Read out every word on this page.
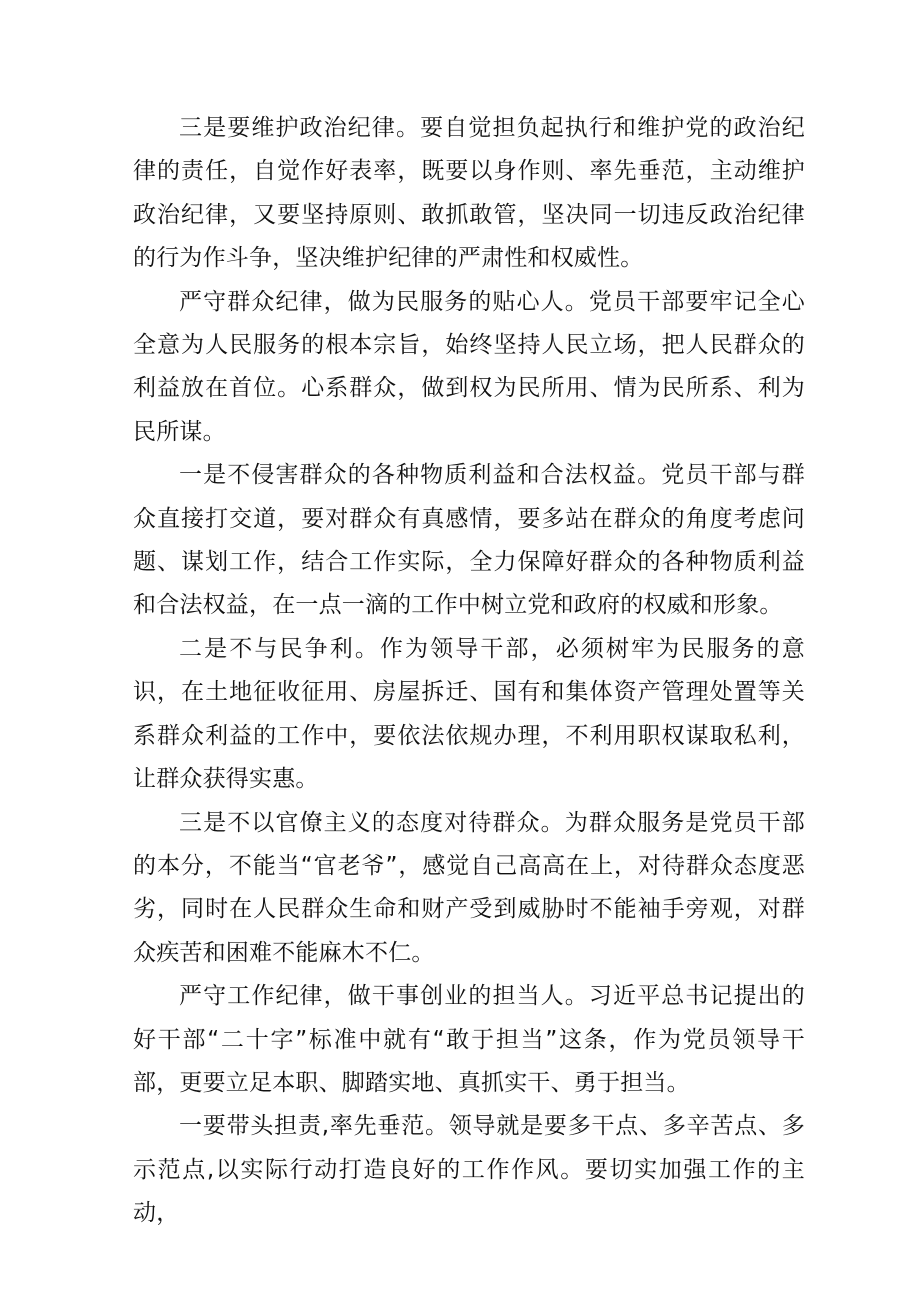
三是要维护政治纪律。要自觉担负起执行和维护党的政治纪律的责任，自觉作好表率，既要以身作则、率先垂范，主动维护政治纪律，又要坚持原则、敢抓敢管，坚决同一切违反政治纪律的行为作斗争，坚决维护纪律的严肃性和权威性。

严守群众纪律，做为民服务的贴心人。党员干部要牢记全心全意为人民服务的根本宗旨，始终坚持人民立场，把人民群众的利益放在首位。心系群众，做到权为民所用、情为民所系、利为民所谋。

一是不侵害群众的各种物质利益和合法权益。党员干部与群众直接打交道，要对群众有真感情，要多站在群众的角度考虑问题、谋划工作，结合工作实际，全力保障好群众的各种物质利益和合法权益，在一点一滴的工作中树立党和政府的权威和形象。

二是不与民争利。作为领导干部，必须树牢为民服务的意识，在土地征收征用、房屋拆迁、国有和集体资产管理处置等关系群众利益的工作中，要依法依规办理，不利用职权谋取私利，让群众获得实惠。

三是不以官僚主义的态度对待群众。为群众服务是党员干部的本分，不能当“官老爷”，感觉自己高高在上，对待群众态度恶劣，同时在人民群众生命和财产受到威胁时不能袖手旁观，对群众疾苦和困难不能麻木不仁。

严守工作纪律，做干事创业的担当人。习近平总书记提出的好干部“二十字”标准中就有“敢于担当”这条，作为党员领导干部，更要立足本职、脚踏实地、真抓实干、勇于担当。

一要带头担责,率先垂范。领导就是要多干点、多辛苦点、多示范点,以实际行动打造良好的工作作风。要切实加强工作的主动，
